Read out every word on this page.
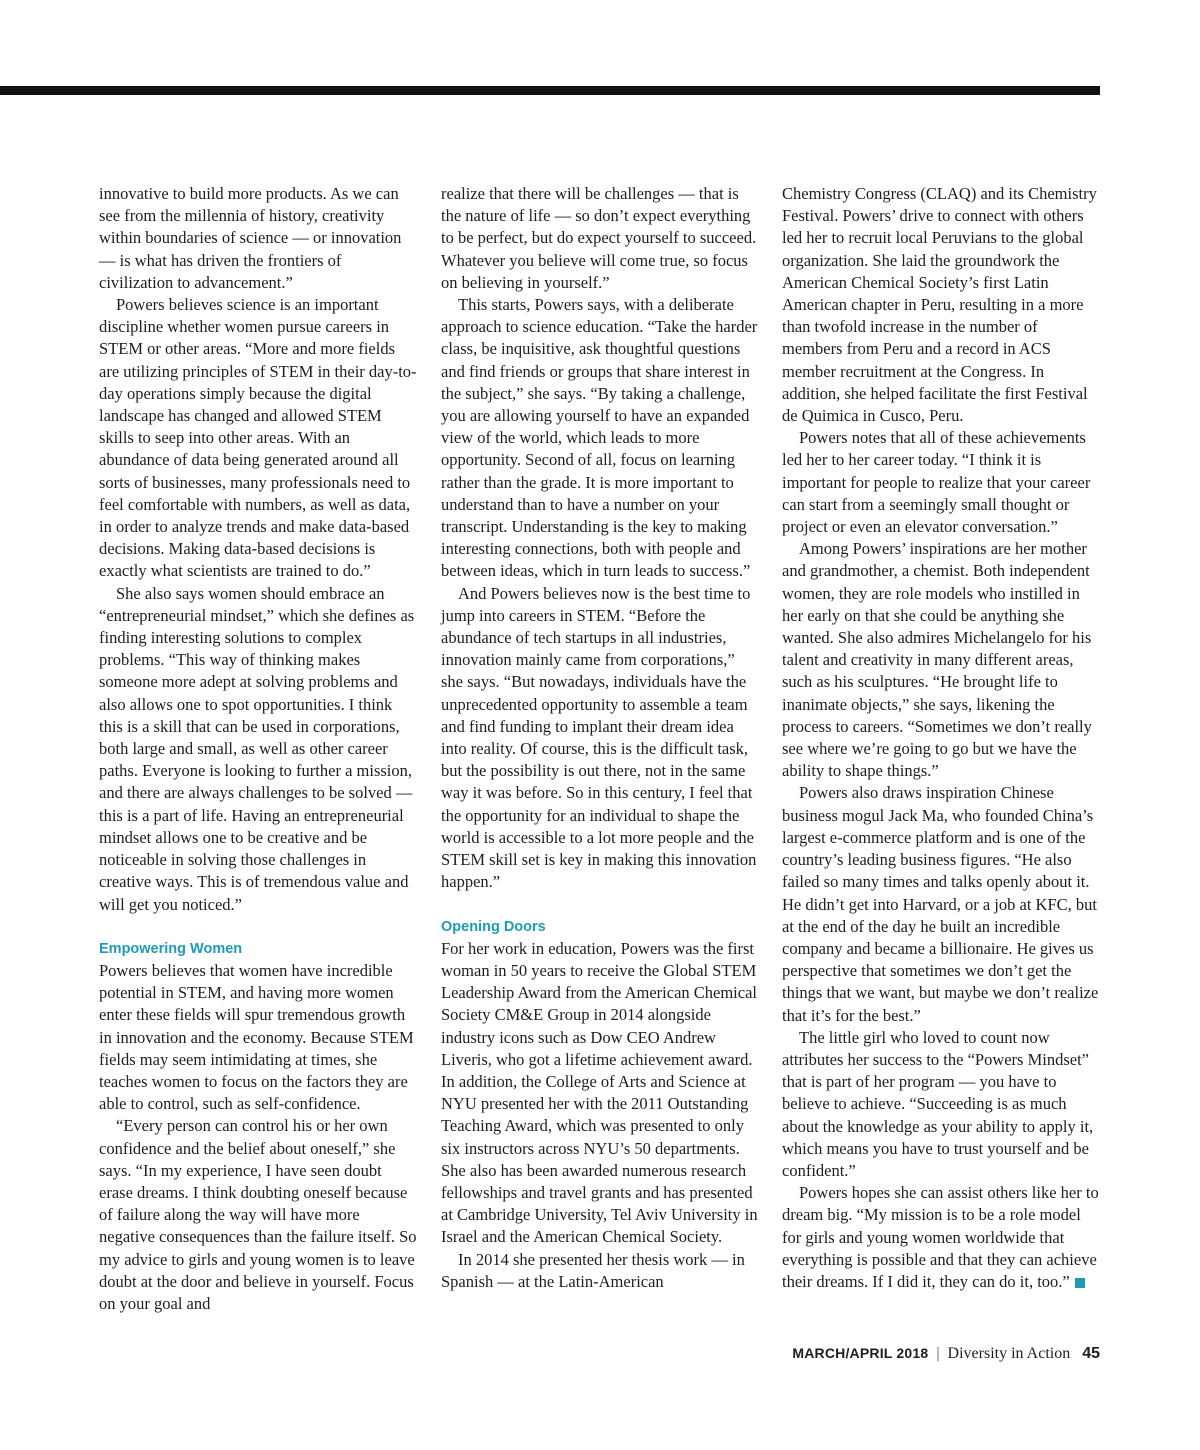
innovative to build more products. As we can see from the millennia of history, creativity within boundaries of science — or innovation — is what has driven the frontiers of civilization to advancement.”

Powers believes science is an important discipline whether women pursue careers in STEM or other areas. “More and more fields are utilizing principles of STEM in their day-to-day operations simply because the digital landscape has changed and allowed STEM skills to seep into other areas. With an abundance of data being generated around all sorts of businesses, many professionals need to feel comfortable with numbers, as well as data, in order to analyze trends and make data-based decisions. Making data-based decisions is exactly what scientists are trained to do.”

She also says women should embrace an “entrepreneurial mindset,” which she defines as finding interesting solutions to complex problems. “This way of thinking makes someone more adept at solving problems and also allows one to spot opportunities. I think this is a skill that can be used in corporations, both large and small, as well as other career paths. Everyone is looking to further a mission, and there are always challenges to be solved — this is a part of life. Having an entrepreneurial mindset allows one to be creative and be noticeable in solving those challenges in creative ways. This is of tremendous value and will get you noticed.”

Empowering Women

Powers believes that women have incredible potential in STEM, and having more women enter these fields will spur tremendous growth in innovation and the economy. Because STEM fields may seem intimidating at times, she teaches women to focus on the factors they are able to control, such as self-confidence.

“Every person can control his or her own confidence and the belief about oneself,” she says. “In my experience, I have seen doubt erase dreams. I think doubting oneself because of failure along the way will have more negative consequences than the failure itself. So my advice to girls and young women is to leave doubt at the door and believe in yourself. Focus on your goal and

realize that there will be challenges — that is the nature of life — so don’t expect everything to be perfect, but do expect yourself to succeed. Whatever you believe will come true, so focus on believing in yourself.”

This starts, Powers says, with a deliberate approach to science education. “Take the harder class, be inquisitive, ask thoughtful questions and find friends or groups that share interest in the subject,” she says. “By taking a challenge, you are allowing yourself to have an expanded view of the world, which leads to more opportunity. Second of all, focus on learning rather than the grade. It is more important to understand than to have a number on your transcript. Understanding is the key to making interesting connections, both with people and between ideas, which in turn leads to success.”

And Powers believes now is the best time to jump into careers in STEM. “Before the abundance of tech startups in all industries, innovation mainly came from corporations,” she says. “But nowadays, individuals have the unprecedented opportunity to assemble a team and find funding to implant their dream idea into reality. Of course, this is the difficult task, but the possibility is out there, not in the same way it was before. So in this century, I feel that the opportunity for an individual to shape the world is accessible to a lot more people and the STEM skill set is key in making this innovation happen.”

Opening Doors

For her work in education, Powers was the first woman in 50 years to receive the Global STEM Leadership Award from the American Chemical Society CM&E Group in 2014 alongside industry icons such as Dow CEO Andrew Liveris, who got a lifetime achievement award. In addition, the College of Arts and Science at NYU presented her with the 2011 Outstanding Teaching Award, which was presented to only six instructors across NYU’s 50 departments. She also has been awarded numerous research fellowships and travel grants and has presented at Cambridge University, Tel Aviv University in Israel and the American Chemical Society.

In 2014 she presented her thesis work — in Spanish — at the Latin-American

Chemistry Congress (CLAQ) and its Chemistry Festival. Powers’ drive to connect with others led her to recruit local Peruvians to the global organization. She laid the groundwork the American Chemical Society’s first Latin American chapter in Peru, resulting in a more than twofold increase in the number of members from Peru and a record in ACS member recruitment at the Congress. In addition, she helped facilitate the first Festival de Quimica in Cusco, Peru.

Powers notes that all of these achievements led her to her career today. “I think it is important for people to realize that your career can start from a seemingly small thought or project or even an elevator conversation.”

Among Powers’ inspirations are her mother and grandmother, a chemist. Both independent women, they are role models who instilled in her early on that she could be anything she wanted. She also admires Michelangelo for his talent and creativity in many different areas, such as his sculptures. “He brought life to inanimate objects,” she says, likening the process to careers. “Sometimes we don’t really see where we’re going to go but we have the ability to shape things.”

Powers also draws inspiration Chinese business mogul Jack Ma, who founded China’s largest e-commerce platform and is one of the country’s leading business figures. “He also failed so many times and talks openly about it. He didn’t get into Harvard, or a job at KFC, but at the end of the day he built an incredible company and became a billionaire. He gives us perspective that sometimes we don’t get the things that we want, but maybe we don’t realize that it’s for the best.”

The little girl who loved to count now attributes her success to the “Powers Mindset” that is part of her program — you have to believe to achieve. “Succeeding is as much about the knowledge as your ability to apply it, which means you have to trust yourself and be confident.”

Powers hopes she can assist others like her to dream big. “My mission is to be a role model for girls and young women worldwide that everything is possible and that they can achieve their dreams. If I did it, they can do it, too.”

MARCH/APRIL 2018 | Diversity in Action 45
